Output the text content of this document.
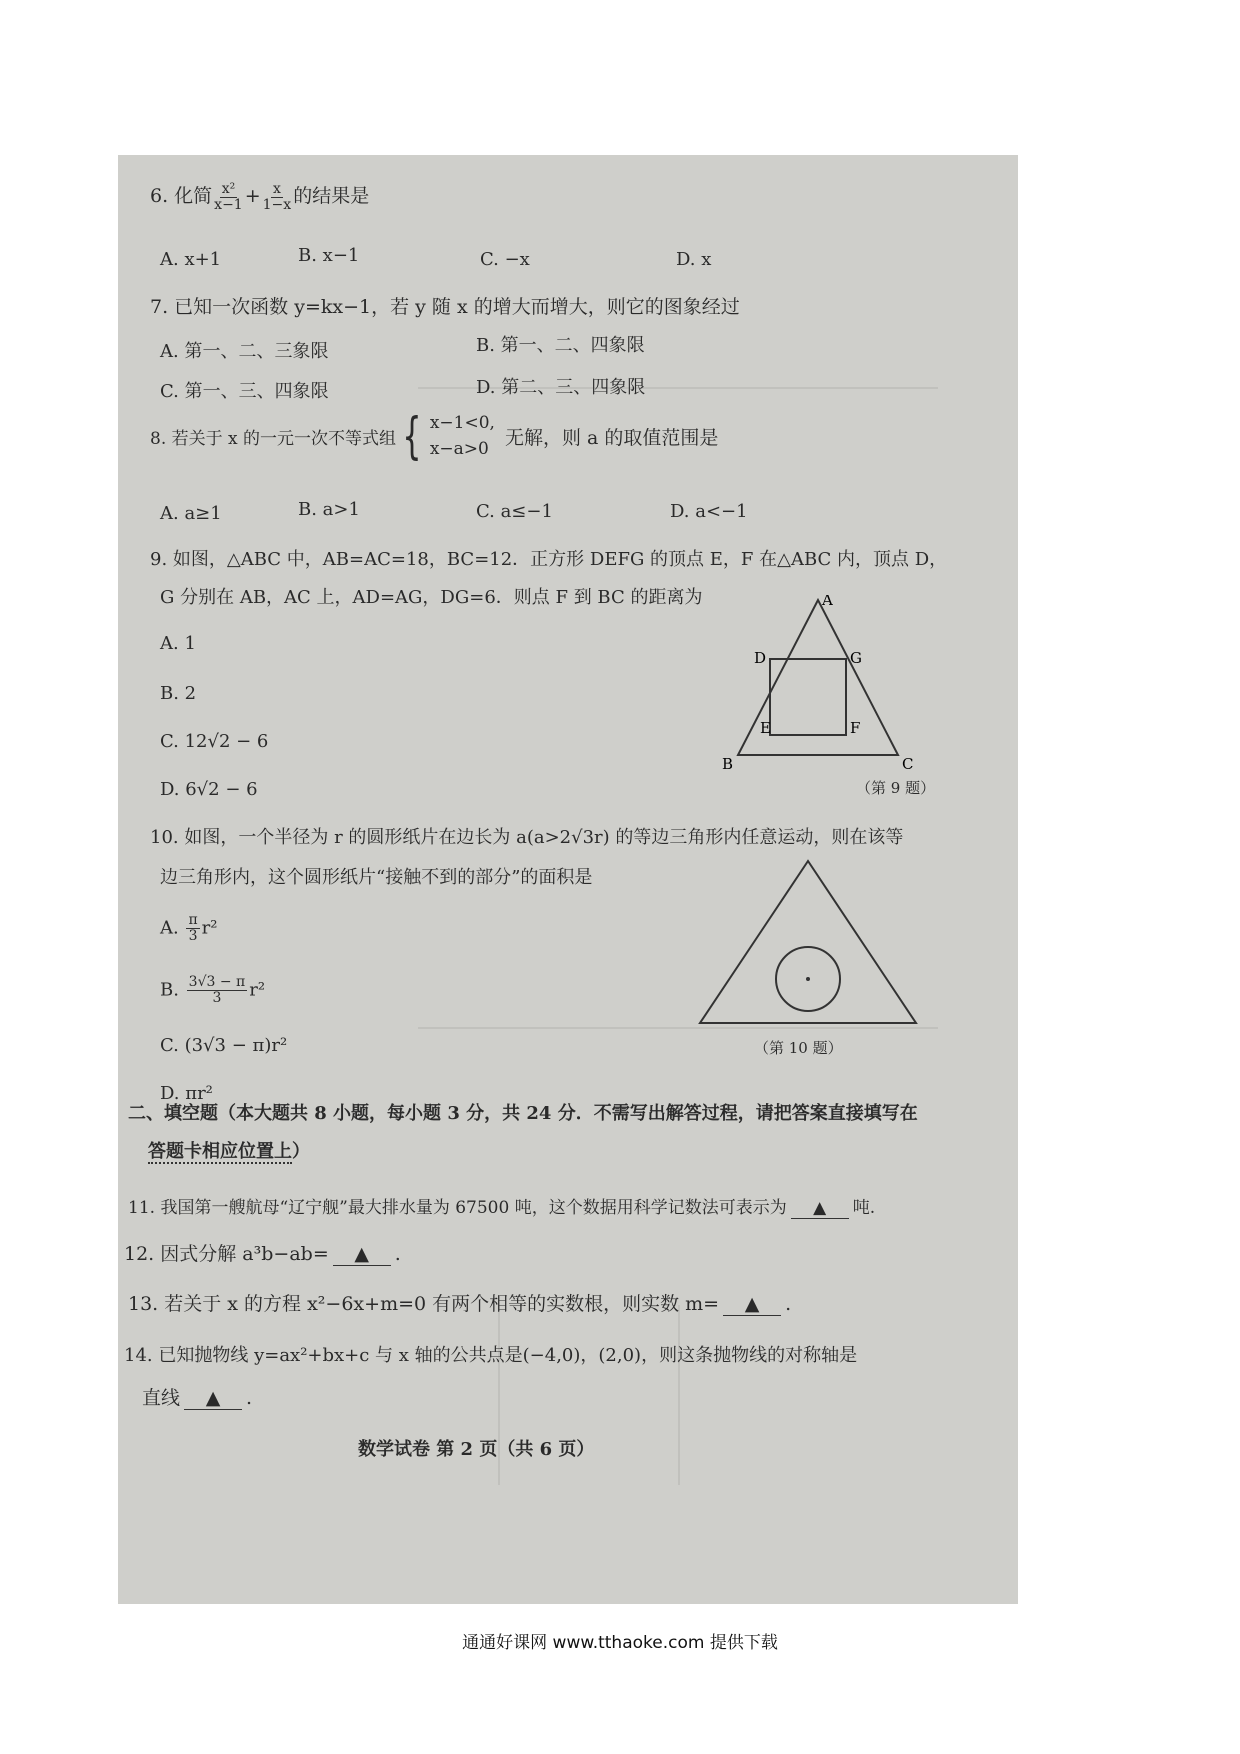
6. 化简 $\frac{\text{x²}}{x-1} + \frac{x}{1-x}$ 的结果是
A. x+1	B. x−1	C. −x	D. x
7. 已知一次函数 y=kx−1，若 y 随 x 的增大而增大，则它的图象经过
A. 第一、二、三象限	B. 第一、二、四象限
C. 第一、三、四象限	D. 第二、三、四象限
8. 若关于 x 的一元一次不等式组 { x−1<0,
x−a>0
无解，则 a 的取值范围是
A. a≥1	B. a>1	C. a≤−1	D. a<−1
9. 如图，△ABC 中，AB=AC=18，BC=12．正方形 DEFG 的顶点 E，F 在△ABC 内，顶点 D，
G 分别在 AB，AC 上，AD=AG，DG=6．则点 F 到 BC 的距离为
A. 1
B. 2
C. 12√2 − 6
D. 6√2 − 6
A
B	C
D	G
E	F
（第 9 题）
10. 如图，一个半径为 r 的圆形纸片在边长为 a(a>2√3r) 的等边三角形内任意运动，则在该等
边三角形内，这个圆形纸片“接触不到的部分”的面积是
A. $\frac{\pi}{3} r^2$
B. $\frac{3√3 - \pi}{3} r^2$
C. (3√3 − π)r²
D. πr²
（第 10 题）
二、填空题（本大题共 8 小题，每小题 3 分，共 24 分．不需写出解答过程，请把答案直接填写在
答题卡相应位置上）
11. 我国第一艘航母“辽宁舰”最大排水量为 67500 吨，这个数据用科学记数法可表示为 ▲ 吨.
12. 因式分解 a³b−ab= ▲ .
13. 若关于 x 的方程 x²−6x+m=0 有两个相等的实数根，则实数 m= ▲ .
14. 已知抛物线 y=ax²+bx+c 与 x 轴的公共点是(−4,0)，(2,0)，则这条抛物线的对称轴是
直线 ▲ .
数学试卷 第 2 页（共 6 页）
通通好课网 www.tthaoke.com 提供下载
